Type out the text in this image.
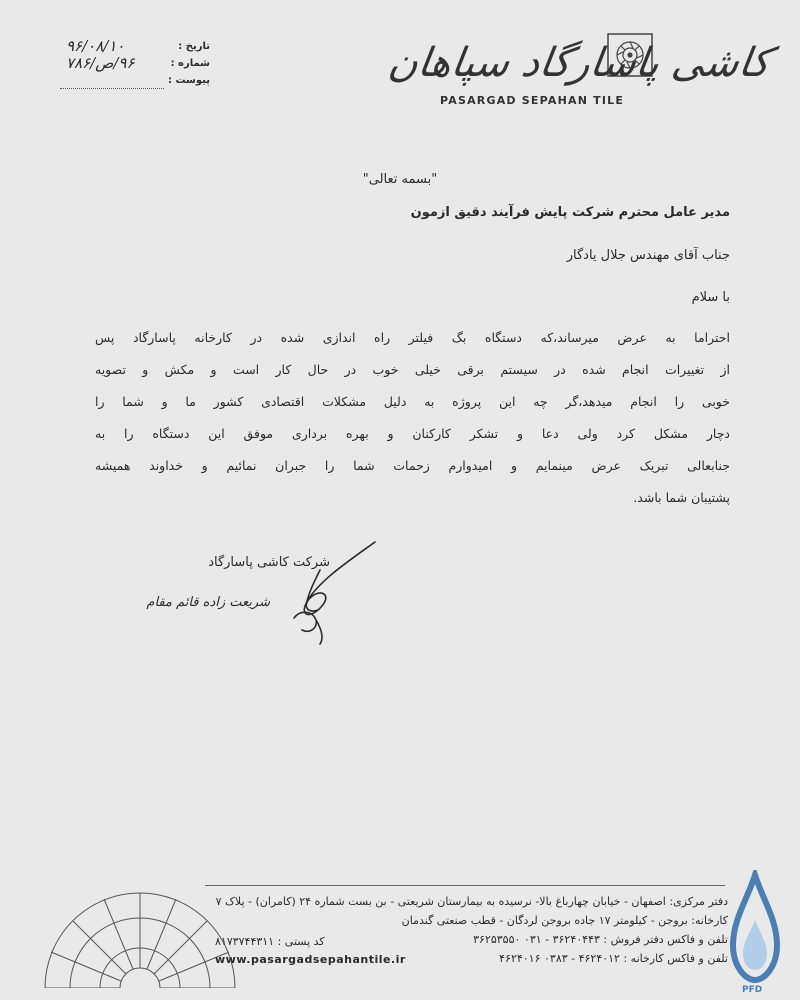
تاریخ :
۹۶/۰۸/۱۰
شماره :
۹۶/ص/۷۸۶
پیوست :	کاشی پاسارگاد سپاهان
PASARGAD SEPAHAN TILE
"بسمه تعالی"
مدیر عامل محترم شرکت پایش فرآیند دقیق ازمون
جناب آقای مهندس جلال یادگار
با سلام

احتراما به عرض میرساند،که دستگاه بگ فیلتر راه اندازی شده در کارخانه پاسارگاد پس

از تغییرات انجام شده در سیستم برقی خیلی خوب در حال کار است و مکش و تصویه

خوبی را انجام میدهد،گر چه این پروژه به دلیل مشکلات اقتصادی کشور ما و شما را

دچار مشکل کرد ولی دعا و تشکر کارکنان و بهره برداری موفق این دستگاه را به

جنابعالی تبریک عرض مینمایم و امیدوارم زحمات شما را جبران نمائیم و خداوند همیشه

پشتیبان شما باشد.

شرکت کاشی پاسارگاد
شریعت زاده قائم مقام
دفتر مرکزی: اصفهان - خیابان چهارباغ بالا- نرسیده به بیمارستان شریعتی - بن بست شماره ۲۴ (کامران) - پلاک ۷
کارخانه: بروجن - کیلومتر ۱۷ جاده بروجن لردگان - قطب صنعتی گندمان
تلفن و فاکس دفتر فروش : ۳۶۲۴۰۴۴۳ - ۰۳۱ ۳۶۲۵۳۵۵۰
تلفن و فاکس کارخانه : ۴۶۲۴۰۱۲ - ۰۳۸۳ ۴۶۲۴۰۱۶
کد پستی : ۸۱۷۳۷۴۴۳۱۱
www.pasargadsepahantile.ir
PFD
